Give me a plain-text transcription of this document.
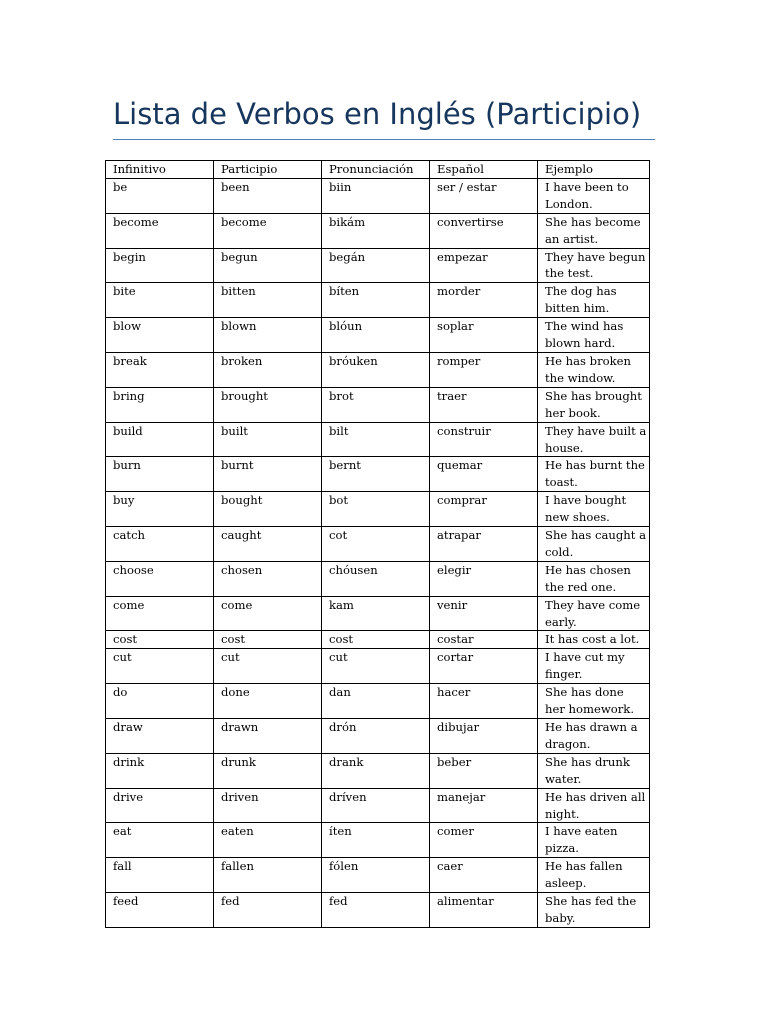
Lista de Verbos en Inglés (Participio)
Infinitivo	Participio	Pronunciación	Español	Ejemplo
be	been	biin	ser / estar	I have been to London.
become	become	bikám	convertirse	She has become an artist.
begin	begun	begán	empezar	They have begun the test.
bite	bitten	bíten	morder	The dog has bitten him.
blow	blown	blóun	soplar	The wind has blown hard.
break	broken	bróuken	romper	He has broken the window.
bring	brought	brot	traer	She has brought her book.
build	built	bilt	construir	They have built a house.
burn	burnt	bernt	quemar	He has burnt the toast.
buy	bought	bot	comprar	I have bought new shoes.
catch	caught	cot	atrapar	She has caught a cold.
choose	chosen	chóusen	elegir	He has chosen the red one.
come	come	kam	venir	They have come early.
cost	cost	cost	costar	It has cost a lot.
cut	cut	cut	cortar	I have cut my finger.
do	done	dan	hacer	She has done her homework.
draw	drawn	drón	dibujar	He has drawn a dragon.
drink	drunk	drank	beber	She has drunk water.
drive	driven	dríven	manejar	He has driven all night.
eat	eaten	íten	comer	I have eaten pizza.
fall	fallen	fólen	caer	He has fallen asleep.
feed	fed	fed	alimentar	She has fed the baby.
